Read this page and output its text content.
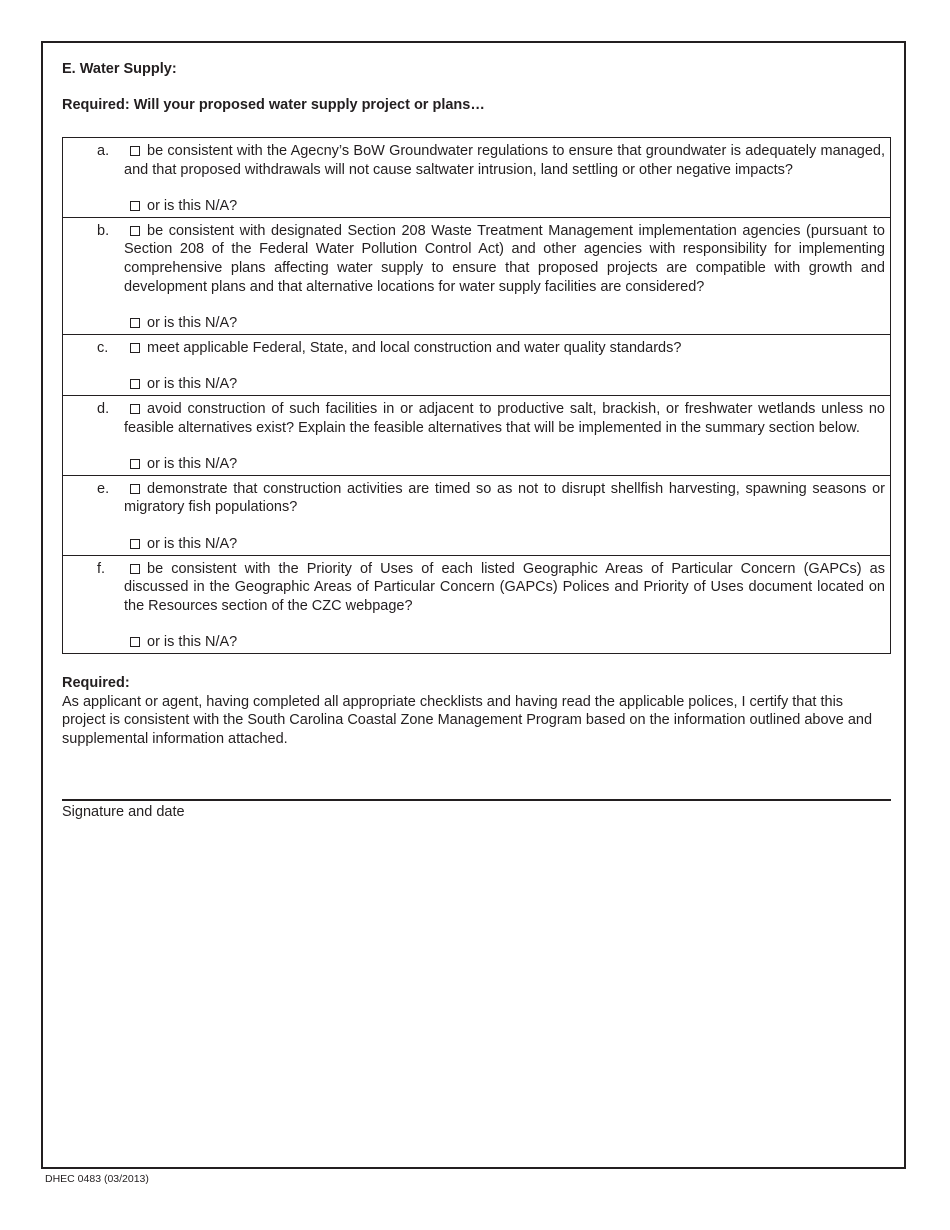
E. Water Supply:
Required: Will your proposed water supply project or plans…
a.	be consistent with the Agecny’s BoW Groundwater regulations to ensure that groundwater is adequately managed, and that proposed withdrawals will not cause saltwater intrusion, land settling or other negative impacts?
or is this N/A?
b.	be consistent with designated Section 208 Waste Treatment Management implementation agencies (pursuant to Section 208 of the Federal Water Pollution Control Act) and other agencies with responsibility for implementing comprehensive plans affecting water supply to ensure that proposed projects are compatible with growth and development plans and that alternative locations for water supply facilities are considered?
or is this N/A?
c.	meet applicable Federal, State, and local construction and water quality standards?
or is this N/A?
d.	avoid construction of such facilities in or adjacent to productive salt, brackish, or freshwater wetlands unless no feasible alternatives exist? Explain the feasible alternatives that will be implemented in the summary section below.
or is this N/A?
e.	demonstrate that construction activities are timed so as not to disrupt shellfish harvesting, spawning seasons or migratory fish populations?
or is this N/A?
f.	be consistent with the Priority of Uses of each listed Geographic Areas of Particular Concern (GAPCs) as discussed in the Geographic Areas of Particular Concern (GAPCs) Polices and Priority of Uses document located on the Resources section of the CZC webpage?
or is this N/A?
Required:
As applicant or agent, having completed all appropriate checklists and having read the applicable polices, I certify that this project is consistent with the South Carolina Coastal Zone Management Program based on the information outlined above and supplemental information attached.
Signature and date
DHEC 0483 (03/2013)
